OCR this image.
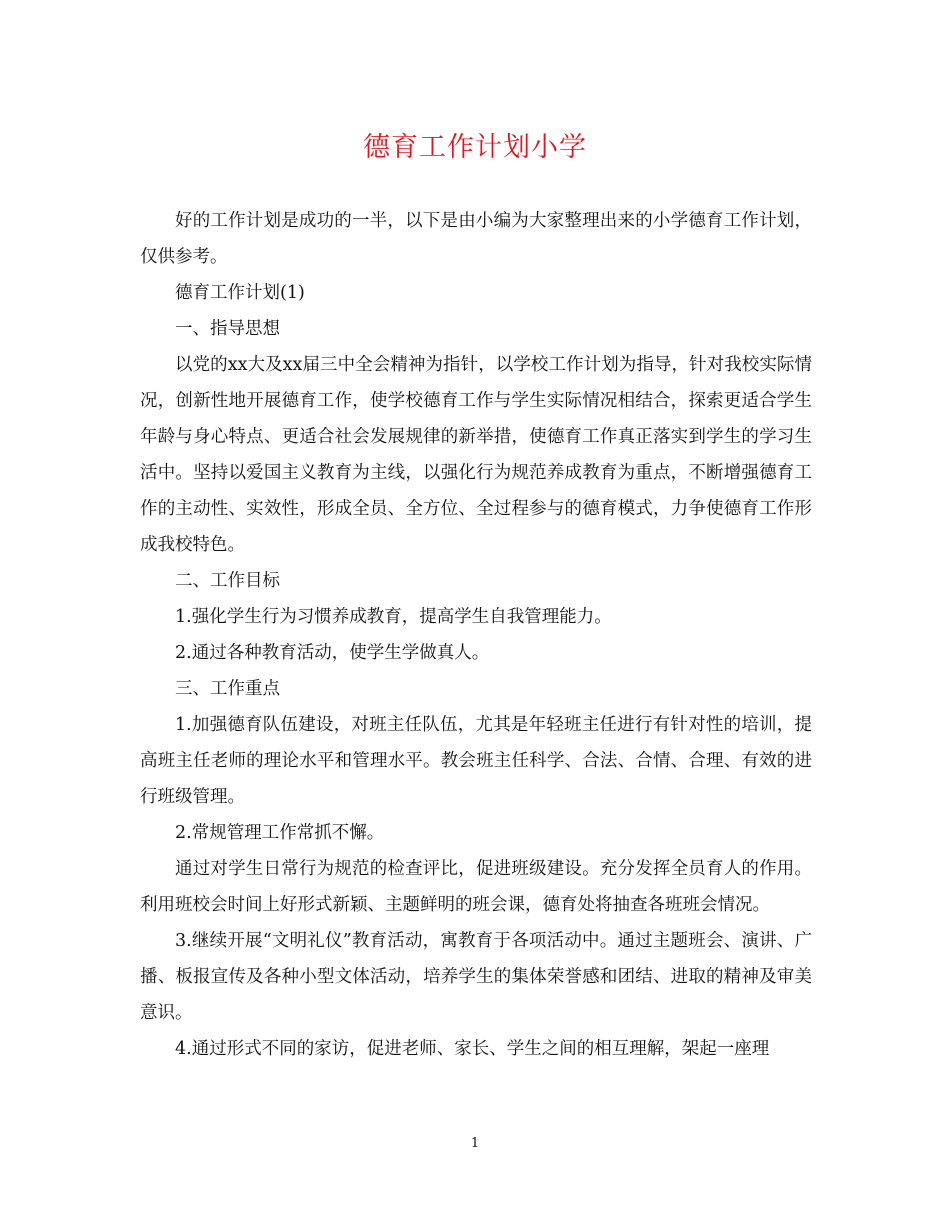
德育工作计划小学

好的工作计划是成功的一半，以下是由小编为大家整理出来的小学德育工作计划，仅供参考。

德育工作计划(1)

一、指导思想

以党的xx大及xx届三中全会精神为指针，以学校工作计划为指导，针对我校实际情况，创新性地开展德育工作，使学校德育工作与学生实际情况相结合，探索更适合学生年龄与身心特点、更适合社会发展规律的新举措，使德育工作真正落实到学生的学习生活中。坚持以爱国主义教育为主线，以强化行为规范养成教育为重点，不断增强德育工作的主动性、实效性，形成全员、全方位、全过程参与的德育模式，力争使德育工作形成我校特色。

二、工作目标

1.强化学生行为习惯养成教育，提高学生自我管理能力。

2.通过各种教育活动，使学生学做真人。

三、工作重点

1.加强德育队伍建设，对班主任队伍，尤其是年轻班主任进行有针对性的培训，提高班主任老师的理论水平和管理水平。教会班主任科学、合法、合情、合理、有效的进行班级管理。

2.常规管理工作常抓不懈。

通过对学生日常行为规范的检查评比，促进班级建设。充分发挥全员育人的作用。利用班校会时间上好形式新颖、主题鲜明的班会课，德育处将抽查各班班会情况。

3.继续开展“文明礼仪”教育活动，寓教育于各项活动中。通过主题班会、演讲、广播、板报宣传及各种小型文体活动，培养学生的集体荣誉感和团结、进取的精神及审美意识。

4.通过形式不同的家访，促进老师、家长、学生之间的相互理解，架起一座理

1
